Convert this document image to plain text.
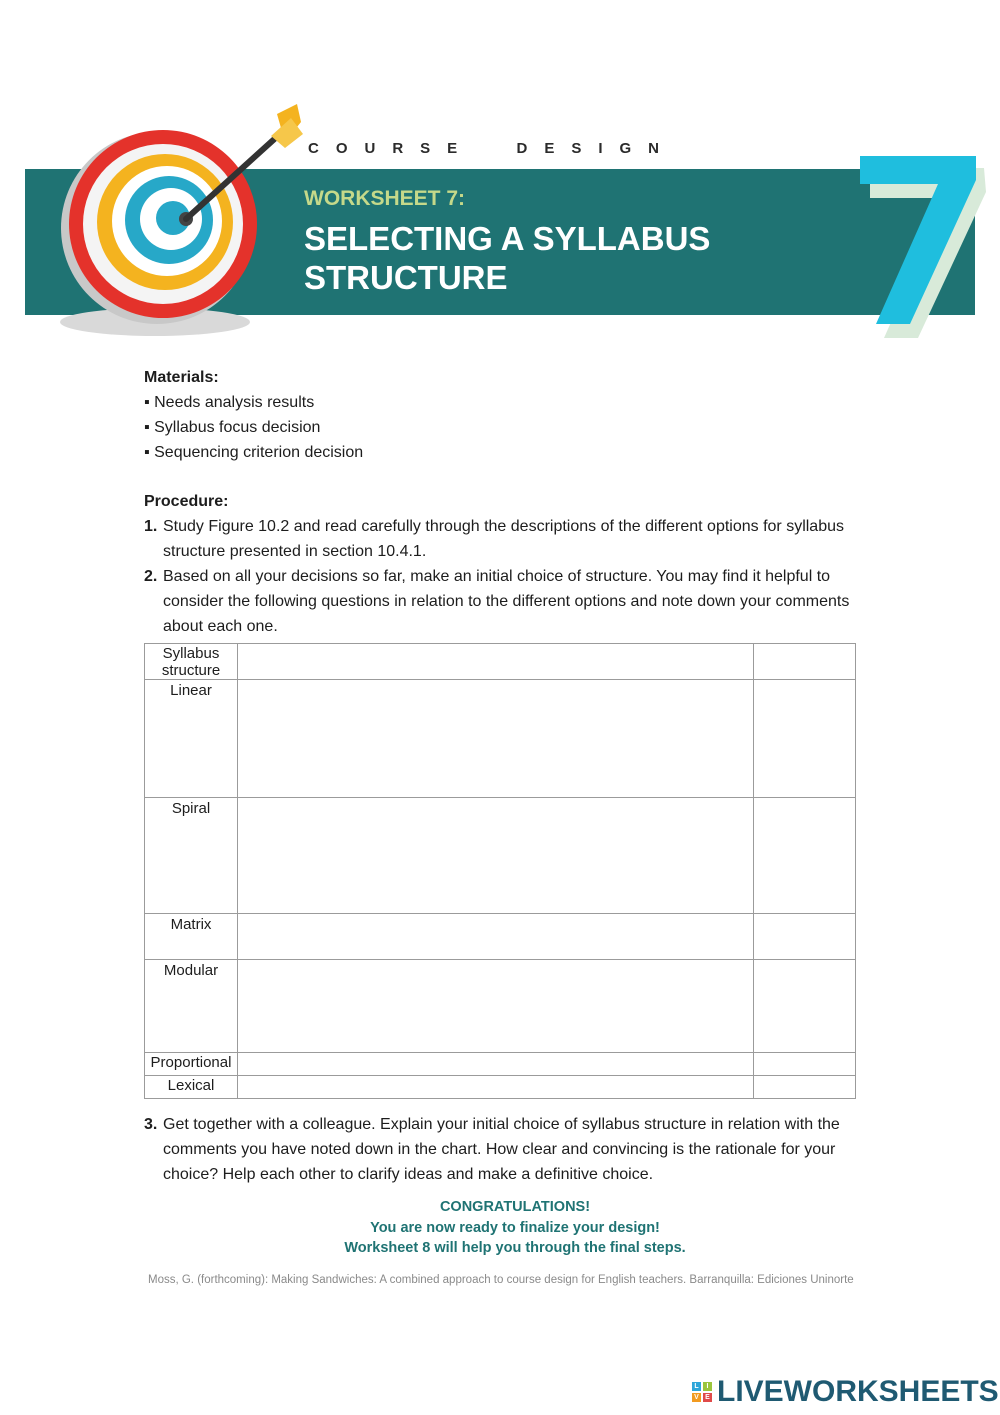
COURSE  DESIGN
WORKSHEET 7:
SELECTING A SYLLABUS STRUCTURE
Materials:
▪ Needs analysis results
▪ Syllabus focus decision
▪ Sequencing criterion decision
Procedure:
1. Study Figure 10.2 and read carefully through the descriptions of the different options for syllabus structure presented in section 10.4.1.
2. Based on all your decisions so far, make an initial choice of structure. You may find it helpful to consider the following questions in relation to the different options and note down your comments about each one.
Syllabus structure		
Linear		
Spiral		
Matrix		
Modular		
Proportional		
Lexical		
3. Get together with a colleague. Explain your initial choice of syllabus structure in relation with the comments you have noted down in the chart. How clear and convincing is the rationale for your choice? Help each other to clarify ideas and make a definitive choice.
CONGRATULATIONS!
You are now ready to finalize your design!
Worksheet 8 will help you through the final steps.
Moss, G. (forthcoming): Making Sandwiches: A combined approach to course design for English teachers. Barranquilla: Ediciones Uninorte
L	I
V E LIVEWORKSHEETS
